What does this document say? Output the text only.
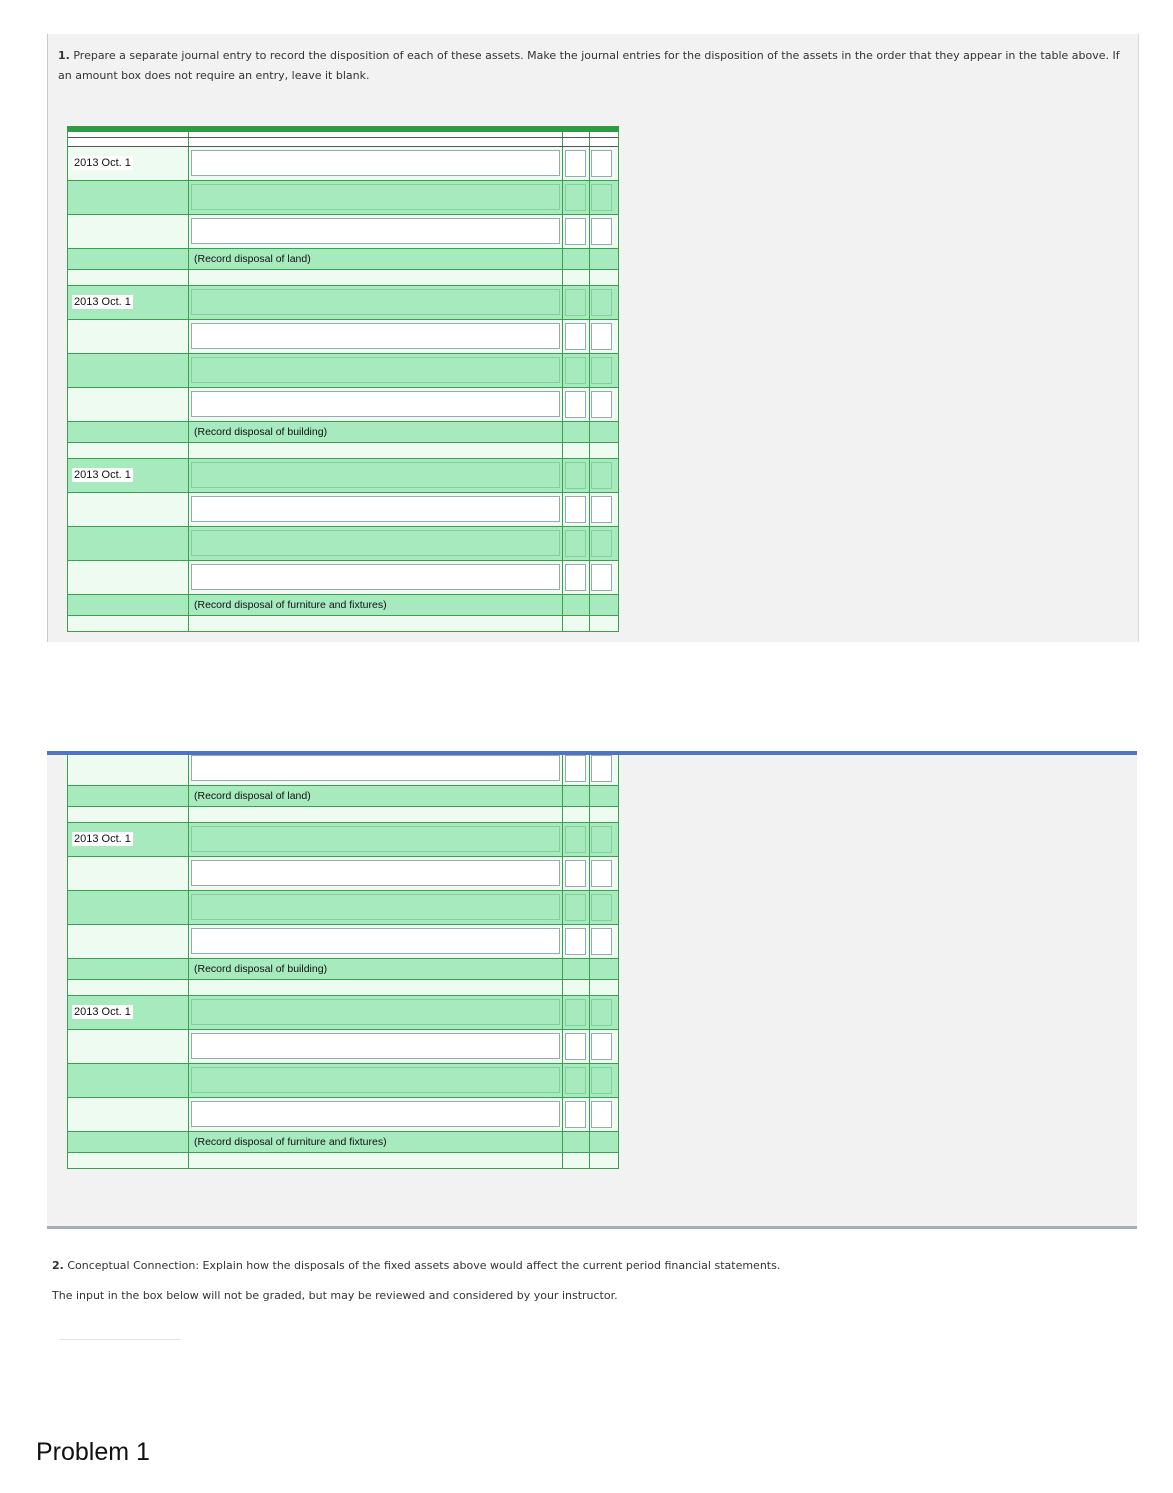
1. Prepare a separate journal entry to record the disposition of each of these assets. Make the journal entries for the disposition of the assets in the order that they appear in the table above. If an amount box does not require an entry, leave it blank.
2013 Oct. 1
(Record disposal of land)
2013 Oct. 1
(Record disposal of building)
2013 Oct. 1
(Record disposal of furniture and fixtures)
(Record disposal of land)
2013 Oct. 1
(Record disposal of building)
2013 Oct. 1
(Record disposal of furniture and fixtures)
2. Conceptual Connection: Explain how the disposals of the fixed assets above would affect the current period financial statements.
The input in the box below will not be graded, but may be reviewed and considered by your instructor.
Problem 1
